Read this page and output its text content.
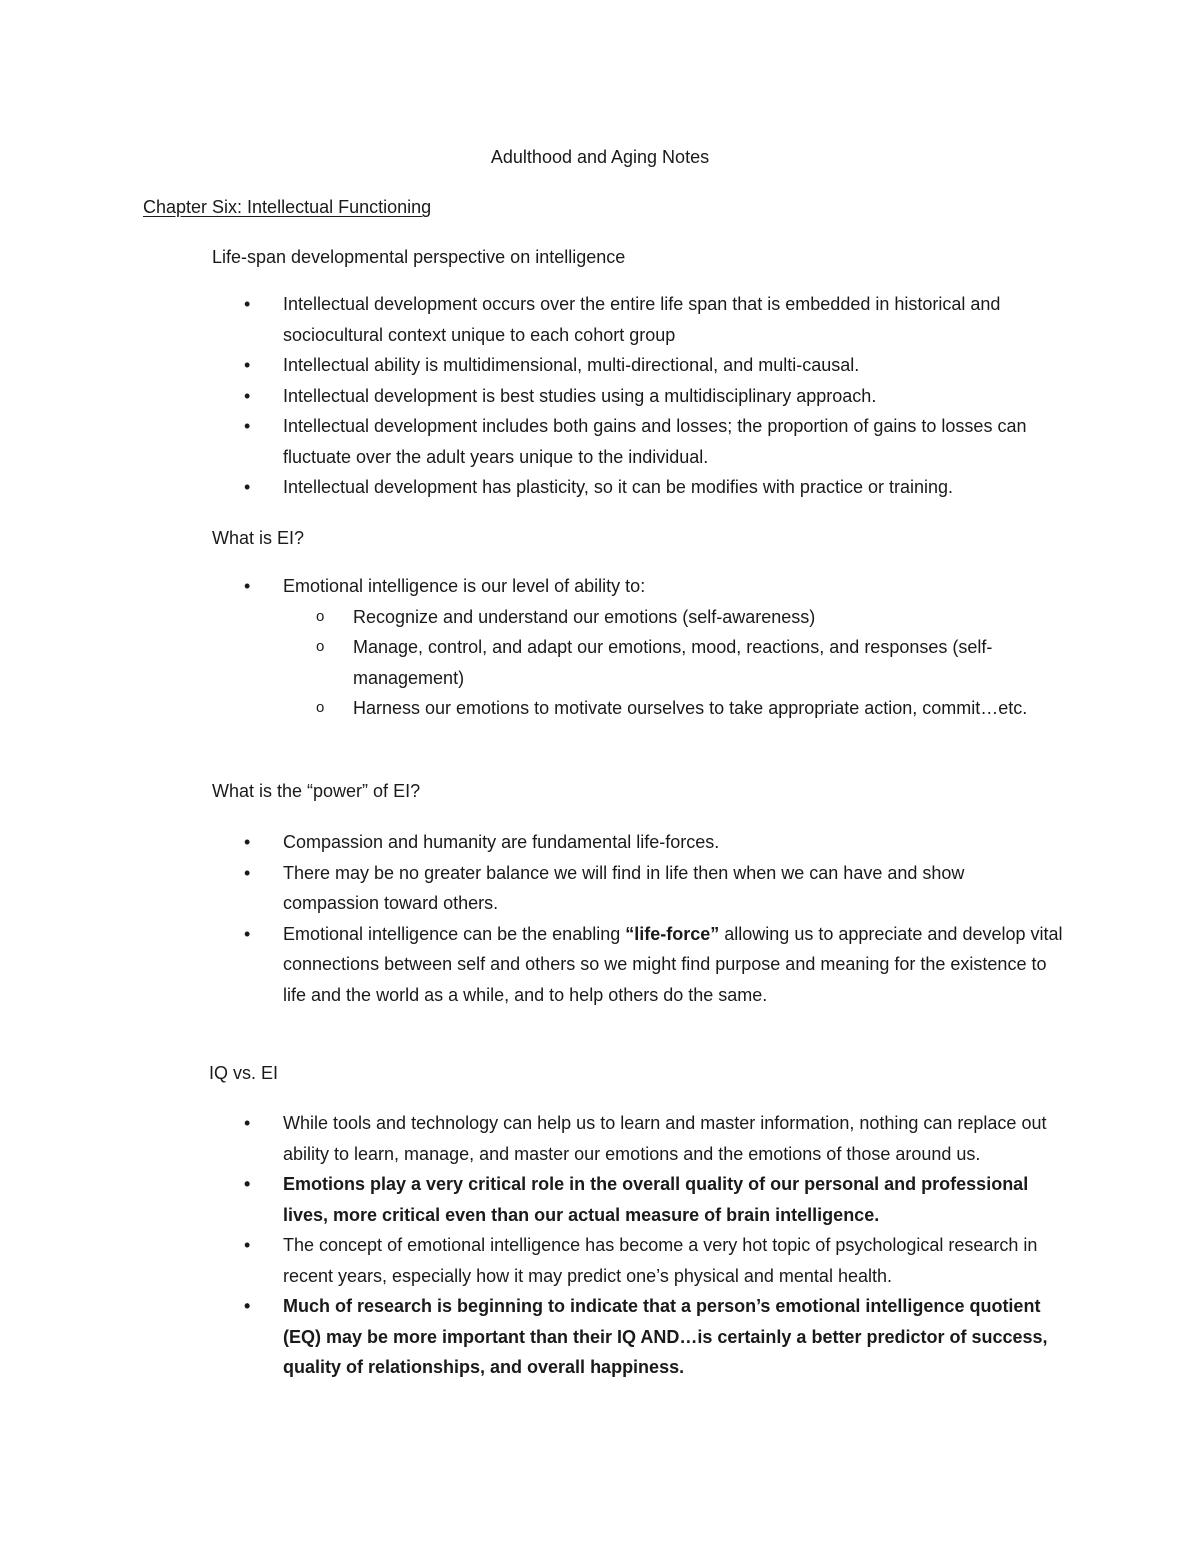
Adulthood and Aging Notes
Chapter Six: Intellectual Functioning
Life-span developmental perspective on intelligence
• Intellectual development occurs over the entire life span that is embedded in historical and sociocultural context unique to each cohort group
• Intellectual ability is multidimensional, multi-directional, and multi-causal.
• Intellectual development is best studies using a multidisciplinary approach.
• Intellectual development includes both gains and losses; the proportion of gains to losses can fluctuate over the adult years unique to the individual.
• Intellectual development has plasticity, so it can be modifies with practice or training.
What is EI?
• Emotional intelligence is our level of ability to:
o Recognize and understand our emotions (self-awareness)
o Manage, control, and adapt our emotions, mood, reactions, and responses (self-management)
o Harness our emotions to motivate ourselves to take appropriate action, commit…etc.
What is the “power” of EI?
• Compassion and humanity are fundamental life-forces.
• There may be no greater balance we will find in life then when we can have and show compassion toward others.
• Emotional intelligence can be the enabling “life-force” allowing us to appreciate and develop vital connections between self and others so we might find purpose and meaning for the existence to life and the world as a while, and to help others do the same.
IQ vs. EI
• While tools and technology can help us to learn and master information, nothing can replace out ability to learn, manage, and master our emotions and the emotions of those around us.
• Emotions play a very critical role in the overall quality of our personal and professional lives, more critical even than our actual measure of brain intelligence.
• The concept of emotional intelligence has become a very hot topic of psychological research in recent years, especially how it may predict one’s physical and mental health.
• Much of research is beginning to indicate that a person’s emotional intelligence quotient (EQ) may be more important than their IQ AND…is certainly a better predictor of success, quality of relationships, and overall happiness.
